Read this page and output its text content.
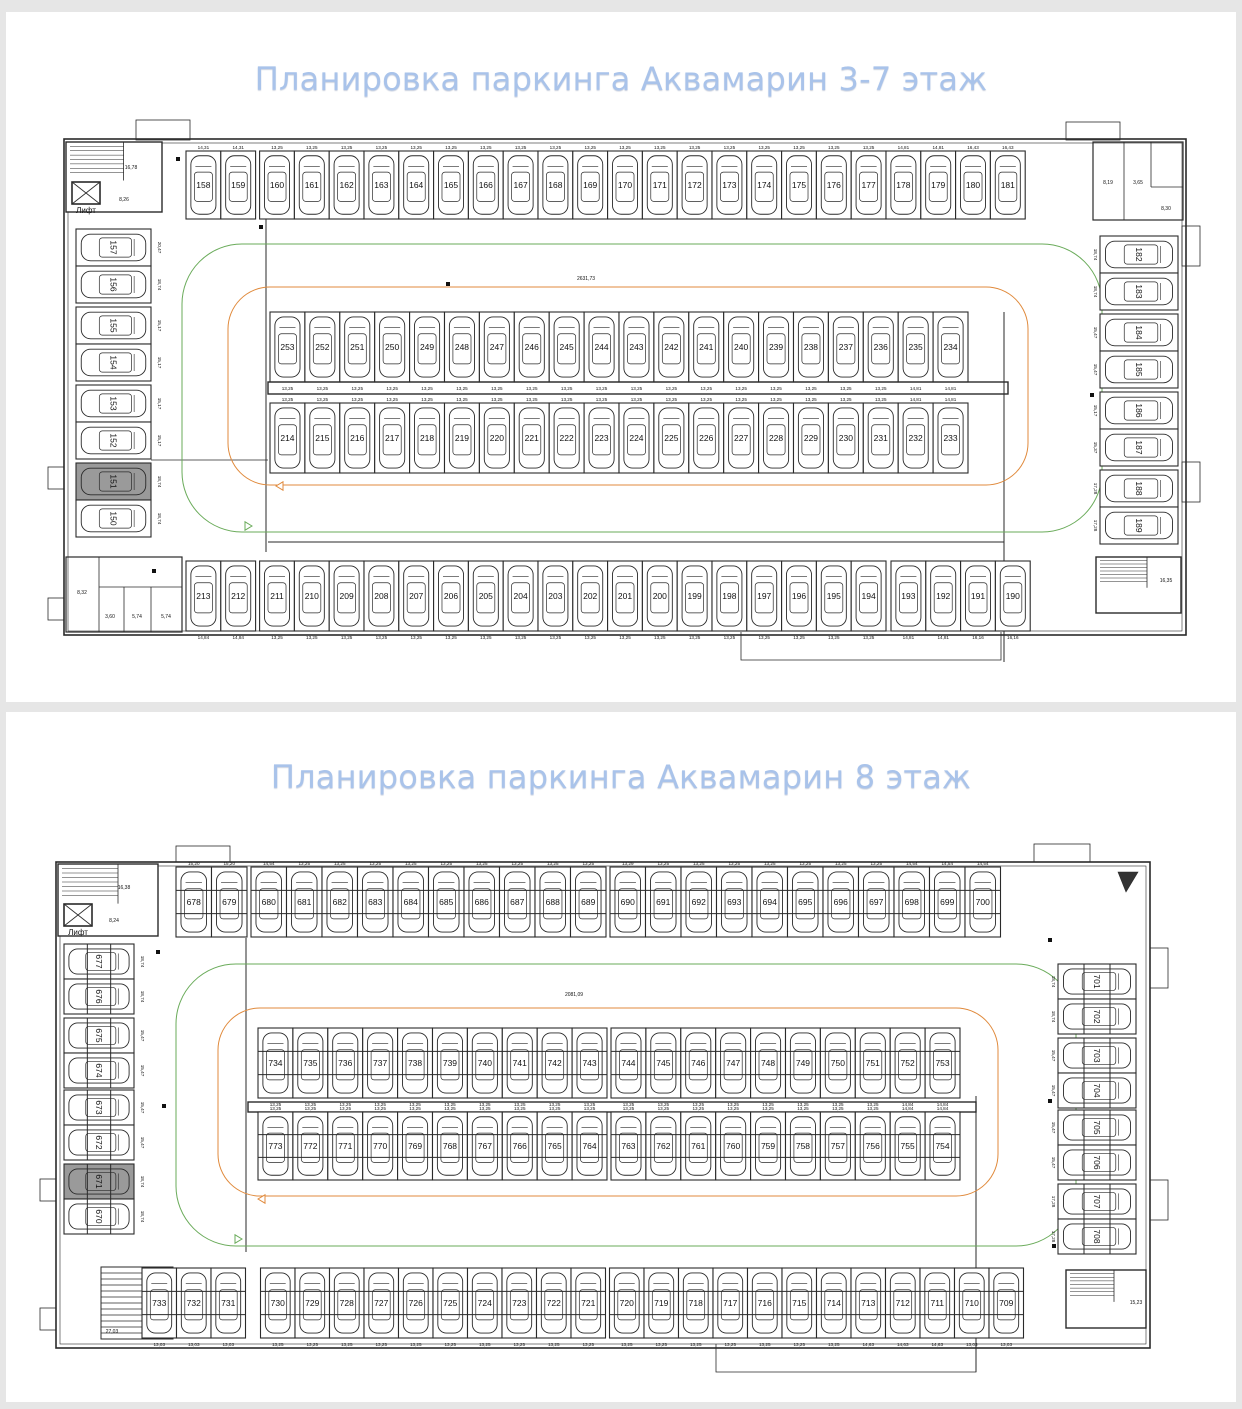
Планировка паркинга Аквамарин 3-7 этаж
Лифт
16,78
8,26
8,19	3,65
8,30
16,35
8,32
3,60	5,74	5,74
2631,73
158
14,31
159
14,31
160
13,25
161
13,25
162
13,25
163
13,25
164
13,25
165
13,25
166
13,25
167
13,25
168
13,25
169
13,25
170
13,25
171
13,25
172
13,25
173
13,25
174
13,25
175
13,25
176
13,25
177
13,25
178
14,81
179
14,81
180
16,43
181
16,43
253
13,25
252
13,25
251
13,25
250
13,25
249
13,25
248
13,25
247
13,25
246
13,25
245
13,25
244
13,25
243
13,25
242
13,25
241
13,25
240
13,25
239
13,25
238
13,25
237
13,25
236
13,25
235
14,81
234
14,81
214
13,25
215
13,25
216
13,25
217
13,25
218
13,25
219
13,25
220
13,25
221
13,25
222
13,25
223
13,25
224
13,25
225
13,25
226
13,25
227
13,25
228
13,25
229
13,25
230
13,25
231
13,25
232
14,81
233
14,81
213
14,84
212
14,84
211
13,25
210
13,25
209
13,25
208
13,25
207
13,25
206
13,25
205
13,25
204
13,25
203
13,25
202
13,25
201
13,25
200
13,25
199
13,25
198
13,25
197
13,25
196
13,25
195
13,25
194
13,25
193
14,81
192
14,81
191
16,16
190
16,16
157	20,47
156	18,74
155	15,17
154	15,17
153	15,17
152	15,17
151	18,74
150	18,74
182
18,74
183
18,74
184
15,47
185
15,47
186
15,17
187
15,37
188
17,28
189
17,28
Планировка паркинга Аквамарин 8 этаж
Лифт
16,38
8,24
15,23
27,03
2081,09
678
15,20
679
15,20
680
14,54
681
13,25
682
13,25
683
13,25
684
13,25
685
13,25
686
13,25
687
13,25
688
13,25
689
13,25
690
13,29
691
13,25
692
13,25
693
13,25
694
13,25
695
13,25
696
13,25
697
13,25
698
14,54
699
14,54
700
14,54
734
13,25
735
13,25
736
13,25
737
13,25
738
13,25
739
13,25
740
13,25
741
13,25
742
13,25
743
13,25
744
13,25
745
13,25
746
13,25
747
13,25
748
13,25
749
13,25
750
13,25
751
13,25
752
14,84
753
14,84
773
13,25
772
13,25
771
13,25
770
13,25
769
13,25
768
13,25
767
13,25
766
13,25
765
13,25
764
13,25
763
13,25
762
13,25
761
13,25
760
13,25
759
13,25
758
13,25
757
13,25
756
13,25
755
14,84
754
14,84
733
13,03
732
13,03
731
13,03
730
13,25
729
13,25
728
13,25
727
13,25
726
13,25
725
13,25
724
13,25
723
13,25
722
13,25
721
13,25
720
13,25
719
13,25
718
13,25
717
13,25
716
13,25
715
13,25
714
13,25
713
14,63
712
14,63
711
14,63
710
13,03
709
13,03
677	18,74
676	18,74
675	15,47
674	15,47
673	15,47
672	15,47
671	18,74
670	18,74
701
18,74
702
18,74
703
15,47
704
15,47
705
15,47
706
15,47
707
17,28
708
17,28
